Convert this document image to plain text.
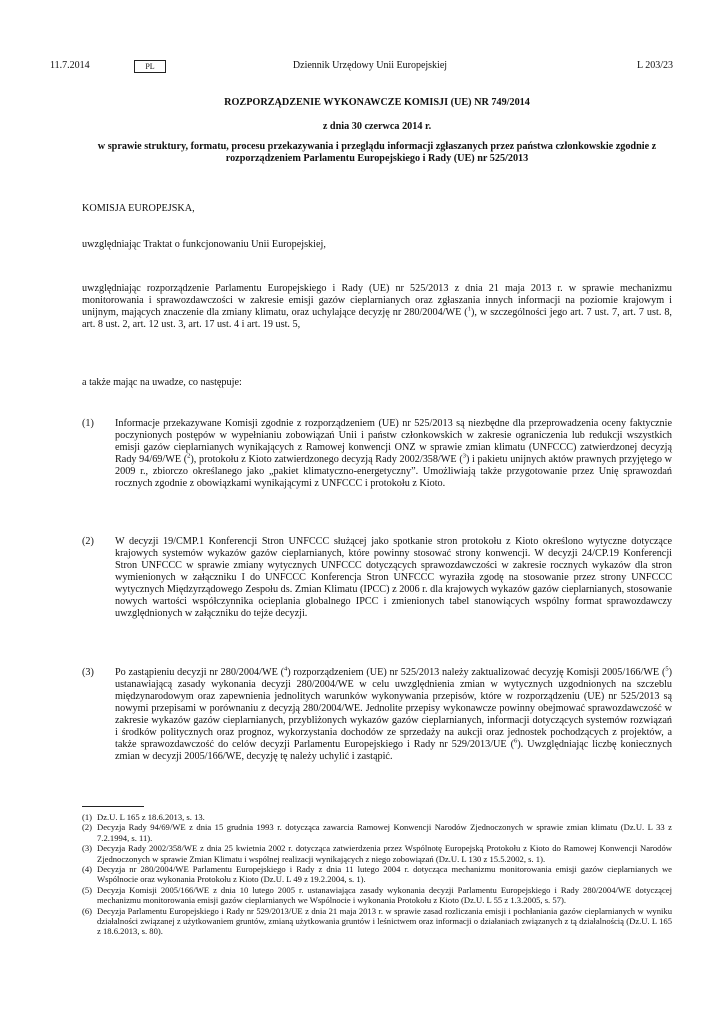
11.7.2014	PL	Dziennik Urzędowy Unii Europejskiej	L 203/23
ROZPORZĄDZENIE WYKONAWCZE KOMISJI (UE) NR 749/2014
z dnia 30 czerwca 2014 r.
w sprawie struktury, formatu, procesu przekazywania i przeglądu informacji zgłaszanych przez państwa członkowskie zgodnie z rozporządzeniem Parlamentu Europejskiego i Rady (UE) nr 525/2013
KOMISJA EUROPEJSKA,
uwzględniając Traktat o funkcjonowaniu Unii Europejskiej,
uwzględniając rozporządzenie Parlamentu Europejskiego i Rady (UE) nr 525/2013 z dnia 21 maja 2013 r. w sprawie mechanizmu monitorowania i sprawozdawczości w zakresie emisji gazów cieplarnianych oraz zgłaszania innych informacji na poziomie krajowym i unijnym, mających znaczenie dla zmiany klimatu, oraz uchylające decyzję nr 280/2004/WE ($^1$), w szczególności jego art. 7 ust. 7, art. 7 ust. 8, art. 8 ust. 2, art. 12 ust. 3, art. 17 ust. 4 i art. 19 ust. 5,
a także mając na uwadze, co następuje:
(1)	Informacje przekazywane Komisji zgodnie z rozporządzeniem (UE) nr 525/2013 są niezbędne dla przeprowadzenia oceny faktycznie poczynionych postępów w wypełnianiu zobowiązań Unii i państw członkowskich w zakresie ograniczenia lub redukcji wszystkich emisji gazów cieplarnianych wynikających z Ramowej konwencji ONZ w sprawie zmian klimatu (UNFCCC) zatwierdzonej decyzją Rady 94/69/WE ($^2$), protokołu z Kioto zatwierdzonego decyzją Rady 2002/358/WE ($^3$) i pakietu unijnych aktów prawnych przyjętego w 2009 r., zbiorczo określanego jako „pakiet klimatyczno-energetyczny”. Umożliwiają także przygotowanie przez Unię sprawozdań rocznych zgodnie z obowiązkami wynikającymi z UNFCCC i protokołu z Kioto.
(2)	W decyzji 19/CMP.1 Konferencji Stron UNFCCC służącej jako spotkanie stron protokołu z Kioto określono wytyczne dotyczące krajowych systemów wykazów gazów cieplarnianych, które powinny stosować strony konwencji. W decyzji 24/CP.19 Konferencji Stron UNFCCC w sprawie zmiany wytycznych UNFCCC dotyczących sprawozdawczości w zakresie rocznych wykazów dla stron wymienionych w załączniku I do UNFCCC Konferencja Stron UNFCCC wyraziła zgodę na stosowanie przez strony UNFCCC wytycznych Międzyrządowego Zespołu ds. Zmian Klimatu (IPCC) z 2006 r. dla krajowych wykazów gazów cieplarnianych, stosowanie nowych wartości współczynnika ocieplania globalnego IPCC i zmienionych tabel stanowiących wspólny format sprawozdawczy uwzględnionych w załączniku do tejże decyzji.
(3)	Po zastąpieniu decyzji nr 280/2004/WE ($^4$) rozporządzeniem (UE) nr 525/2013 należy zaktualizować decyzję Komisji 2005/166/WE ($^5$) ustanawiającą zasady wykonania decyzji 280/2004/WE w celu uwzględnienia zmian w wytycznych uzgodnionych na szczeblu międzynarodowym oraz zapewnienia jednolitych warunków wykonywania przepisów, które w rozporządzeniu (UE) nr 525/2013 są nowymi przepisami w porównaniu z decyzją 280/2004/WE. Jednolite przepisy wykonawcze powinny obejmować sprawozdawczość w zakresie wykazów gazów cieplarnianych, przybliżonych wykazów gazów cieplarnianych, informacji dotyczących systemów rozwiązań i środków politycznych oraz prognoz, wykorzystania dochodów ze sprzedaży na aukcji oraz jednostek pochodzących z projektów, a także sprawozdawczość do celów decyzji Parlamentu Europejskiego i Rady nr 529/2013/UE ($^6$). Uwzględniając liczbę koniecznych zmian w decyzji 2005/166/WE, decyzję tę należy uchylić i zastąpić.
(1) Dz.U. L 165 z 18.6.2013, s. 13.
(2) Decyzja Rady 94/69/WE z dnia 15 grudnia 1993 r. dotycząca zawarcia Ramowej Konwencji Narodów Zjednoczonych w sprawie zmian klimatu (Dz.U. L 33 z 7.2.1994, s. 11).
(3) Decyzja Rady 2002/358/WE z dnia 25 kwietnia 2002 r. dotycząca zatwierdzenia przez Wspólnotę Europejską Protokołu z Kioto do Ramowej Konwencji Narodów Zjednoczonych w sprawie Zmian Klimatu i wspólnej realizacji wynikających z niego zobowiązań (Dz.U. L 130 z 15.5.2002, s. 1).
(4) Decyzja nr 280/2004/WE Parlamentu Europejskiego i Rady z dnia 11 lutego 2004 r. dotycząca mechanizmu monitorowania emisji gazów cieplarnianych we Wspólnocie oraz wykonania Protokołu z Kioto (Dz.U. L 49 z 19.2.2004, s. 1).
(5) Decyzja Komisji 2005/166/WE z dnia 10 lutego 2005 r. ustanawiająca zasady wykonania decyzji Parlamentu Europejskiego i Rady 280/2004/WE dotyczącej mechanizmu monitorowania emisji gazów cieplarnianych we Wspólnocie i wykonania Protokołu z Kioto (Dz.U. L 55 z 1.3.2005, s. 57).
(6) Decyzja Parlamentu Europejskiego i Rady nr 529/2013/UE z dnia 21 maja 2013 r. w sprawie zasad rozliczania emisji i pochłaniania gazów cieplarnianych w wyniku działalności związanej z użytkowaniem gruntów, zmianą użytkowania gruntów i leśnictwem oraz informacji o działaniach związanych z tą działalnością (Dz.U. L 165 z 18.6.2013, s. 80).
